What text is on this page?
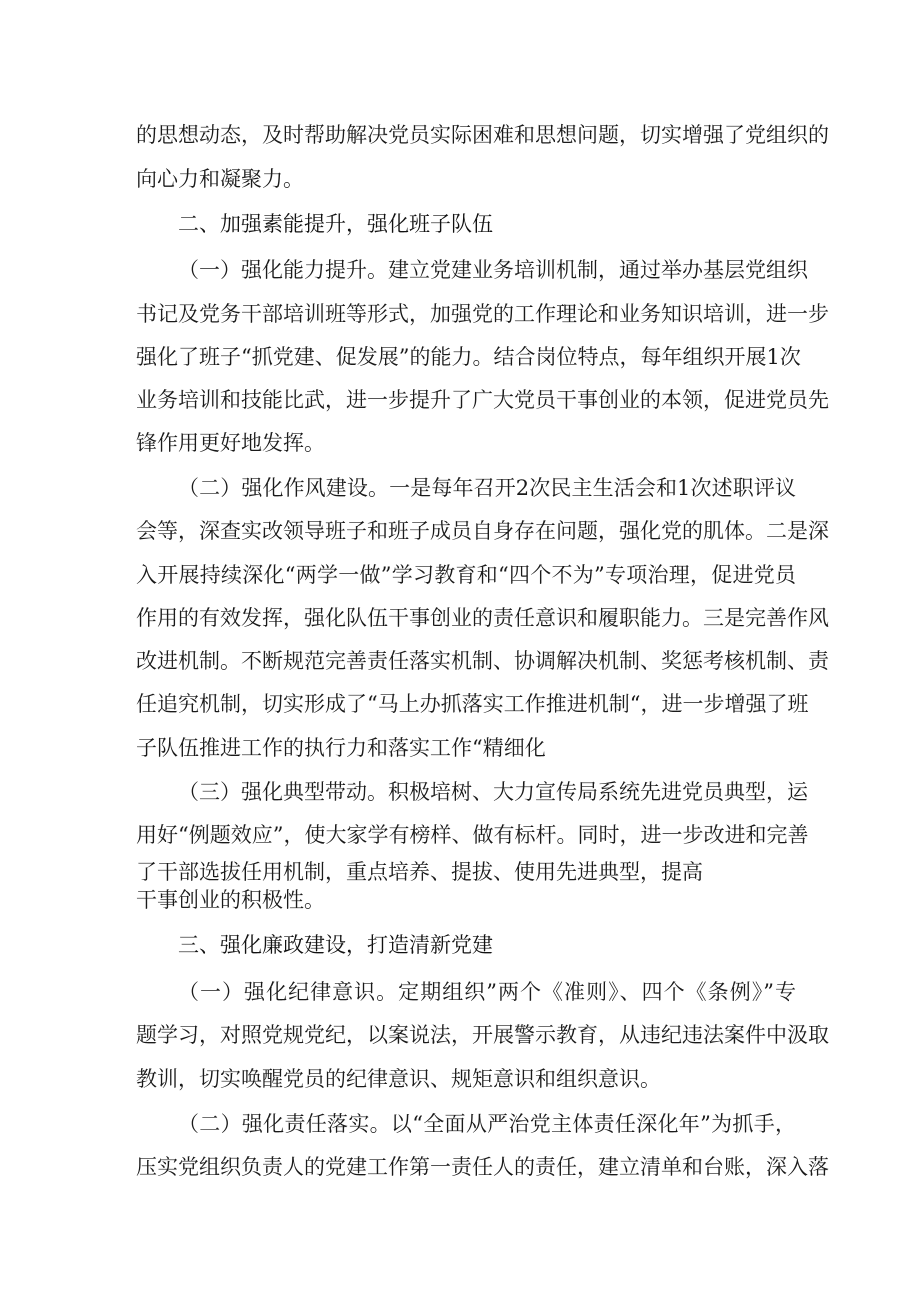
的思想动态，及时帮助解决党员实际困难和思想问题，切实增强了党组织的
向心力和凝聚力。
二、加强素能提升，强化班子队伍
（一）强化能力提升。建立党建业务培训机制，通过举办基层党组织
书记及党务干部培训班等形式，加强党的工作理论和业务知识培训，进一步
强化了班子“抓党建、促发展”的能力。结合岗位特点，每年组织开展1次
业务培训和技能比武，进一步提升了广大党员干事创业的本领，促进党员先
锋作用更好地发挥。
（二）强化作风建设。一是每年召开2次民主生活会和1次述职评议
会等，深查实改领导班子和班子成员自身存在问题，强化党的肌体。二是深
入开展持续深化“两学一做”学习教育和“四个不为”专项治理，促进党员
作用的有效发挥，强化队伍干事创业的责任意识和履职能力。三是完善作风
改进机制。不断规范完善责任落实机制、协调解决机制、奖惩考核机制、责
任追究机制，切实形成了“马上办抓落实工作推进机制“，进一步增强了班
子队伍推进工作的执行力和落实工作“精细化
（三）强化典型带动。积极培树、大力宣传局系统先进党员典型，运
用好“例题效应”，使大家学有榜样、做有标杆。同时，进一步改进和完善
了干部选拔任用机制，重点培养、提拔、使用先进典型，提高
干事创业的积极性。
三、强化廉政建设，打造清新党建
（一）强化纪律意识。定期组织”两个《准则》、四个《条例》”专
题学习，对照党规党纪，以案说法，开展警示教育，从违纪违法案件中汲取
教训，切实唤醒党员的纪律意识、规矩意识和组织意识。
（二）强化责任落实。以“全面从严治党主体责任深化年”为抓手，
压实党组织负责人的党建工作第一责任人的责任，建立清单和台账，深入落
